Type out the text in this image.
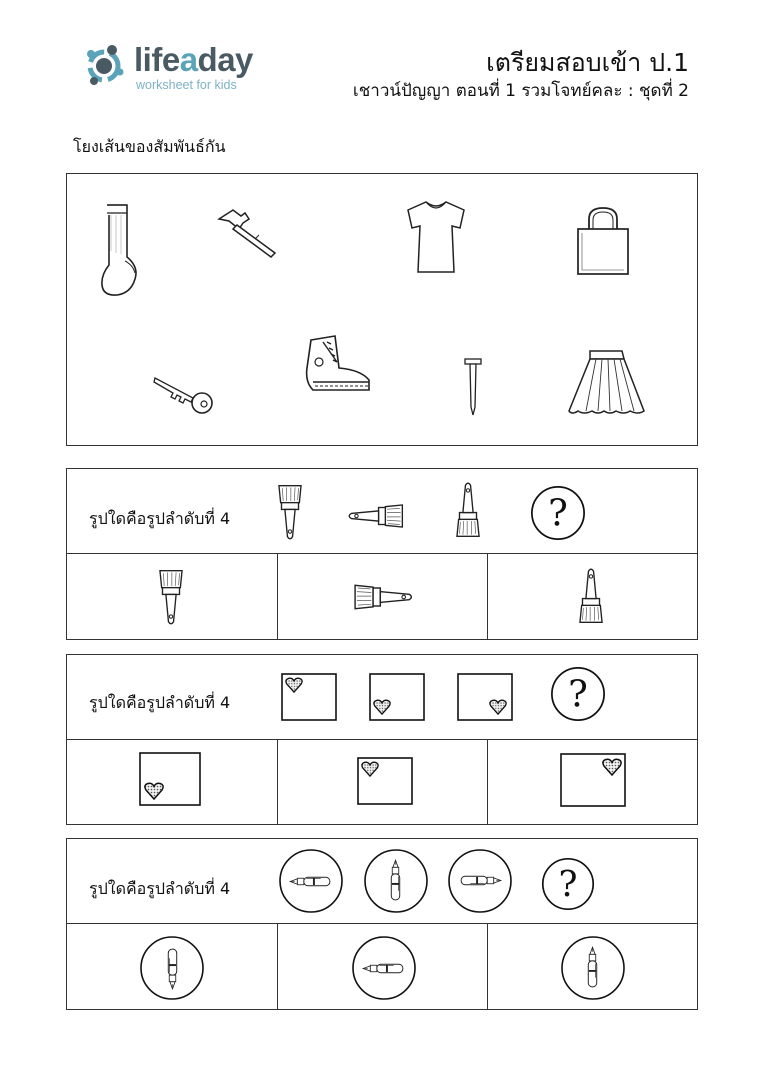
lifeaday
worksheet for kids
เตรียมสอบเข้า ป.1
เชาวน์ปัญญา ตอนที่ 1 รวมโจทย์คละ : ชุดที่ 2
โยงเส้นของสัมพันธ์กัน
รูปใดคือรูปลำดับที่ 4
รูปใดคือรูปลำดับที่ 4
รูปใดคือรูปลำดับที่ 4
